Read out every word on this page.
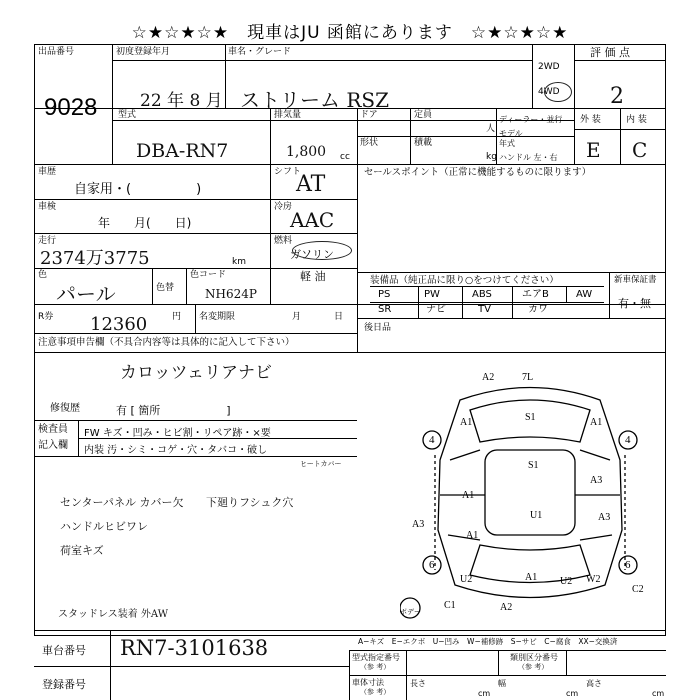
☆★☆★☆★　現車はJU 函館にあります　☆★☆★☆★
出品番号
9028
初度登録年月
22 年 8 月
車名・グレード
ストリーム RSZ
2WD
4WD
評 価 点
2
型式
DBA-RN7
排気量
1,800 cc
ドア	定員
人
ディーラー・並行
モデル
年式
形状	積載
kg ハンドル 左・右
外 装	内 装
E C
車歴
自家用・(　　　　　)
シフト
AT
車検
年　　月(　　日)
冷房
AAC
走行
2374万3775	km
燃料
ガソリン
軽 油
色
パール	色替
色コード
NH624P
R券 12360	円 名変期限	月	日
セールスポイント（正常に機能するものに限ります）
装備品（純正品に限り○をつけてください）	新車保証書
有・無
PS	PW	ABS	エアB	AW
SR	ナビ	TV	カワ
後日品
注意事項申告欄（不具合内容等は具体的に記入して下さい）
カロッツェリアナビ
修復歴	有 [ 箇所　　　　　　]
検査員
記入欄
FW キズ・凹み・ヒビ割・リペア跡・×要
内装 汚・シミ・コゲ・穴・タバコ・破し
ヒートカバー
センターパネル カバー欠
ハンドルヒビワレ
荷室キズ
下廻りフシュク穴
スタッドレス装着 外AW
A2	7L
A1	S1
S1
A1
4	4
A1
A1
A3
A3
U1
A3
A1
6	6
U2	U2 W2
C2
A2
C1
ボデー
車台番号 RN7-3101638
登録番号
A−キズ　E−エクボ　U−凹み　W−補修跡　S−サビ　C−腐食　XX−交換済
型式指定番号
（参 考）
類別区分番号
（参 考）
車体寸法
（参 考）
長さ
cm
幅
cm
高さ
cm
